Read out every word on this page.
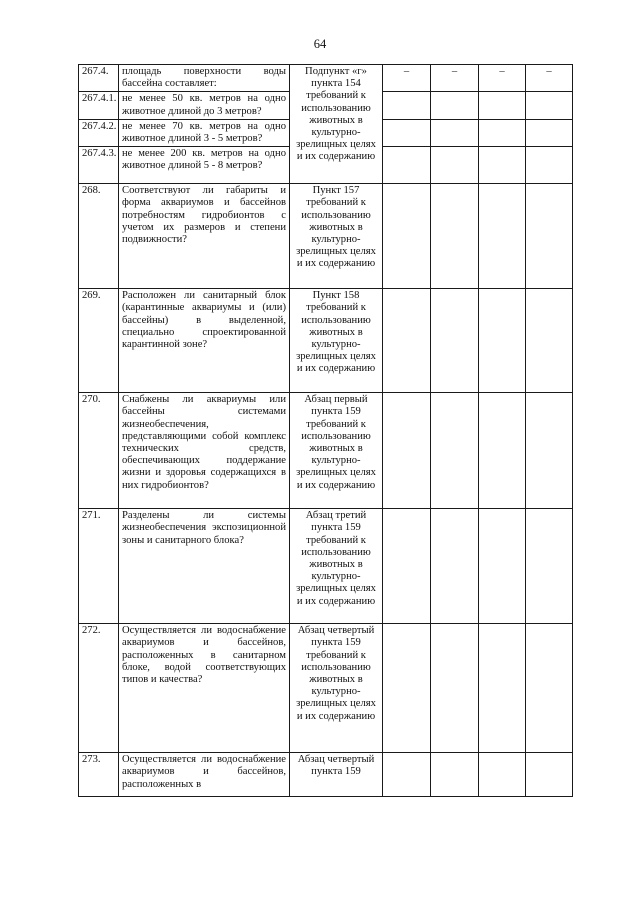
64
267.4.	площадь поверхности воды бассейна составляет:	Подпункт «г» пункта 154 требований к использованию животных в культурно-зрелищных целях и их содержанию	–	–	–	–
267.4.1.	не менее 50 кв. метров на одно животное длиной до 3 метров?					
267.4.2.	не менее 70 кв. метров на одно животное длиной 3 - 5 метров?					
267.4.3.	не менее 200 кв. метров на одно животное длиной 5 - 8 метров?					
268.	Соответствуют ли габариты и форма аквариумов и бассейнов потребностям гидробионтов с учетом их размеров и степени подвижности?	Пункт 157 требований к использованию животных в культурно-зрелищных целях и их содержанию				
269.	Расположен ли санитарный блок (карантинные аквариумы и (или) бассейны) в выделенной, специально спроектированной карантинной зоне?	Пункт 158 требований к использованию животных в культурно-зрелищных целях и их содержанию				
270.	Снабжены ли аквариумы или бассейны системами жизнеобеспечения, представляющими собой комплекс технических средств, обеспечивающих поддержание жизни и здоровья содержащихся в них гидробионтов?	Абзац первый пункта 159 требований к использованию животных в культурно-зрелищных целях и их содержанию				
271.	Разделены ли системы жизнеобеспечения экспозиционной зоны и санитарного блока?	Абзац третий пункта 159 требований к использованию животных в культурно-зрелищных целях и их содержанию				
272.	Осуществляется ли водоснабжение аквариумов и бассейнов, расположенных в санитарном блоке, водой соответствующих типов и качества?	Абзац четвертый пункта 159 требований к использованию животных в культурно-зрелищных целях и их содержанию				
273.	Осуществляется ли водоснабжение аквариумов и бассейнов, расположенных в	Абзац четвертый пункта 159				
